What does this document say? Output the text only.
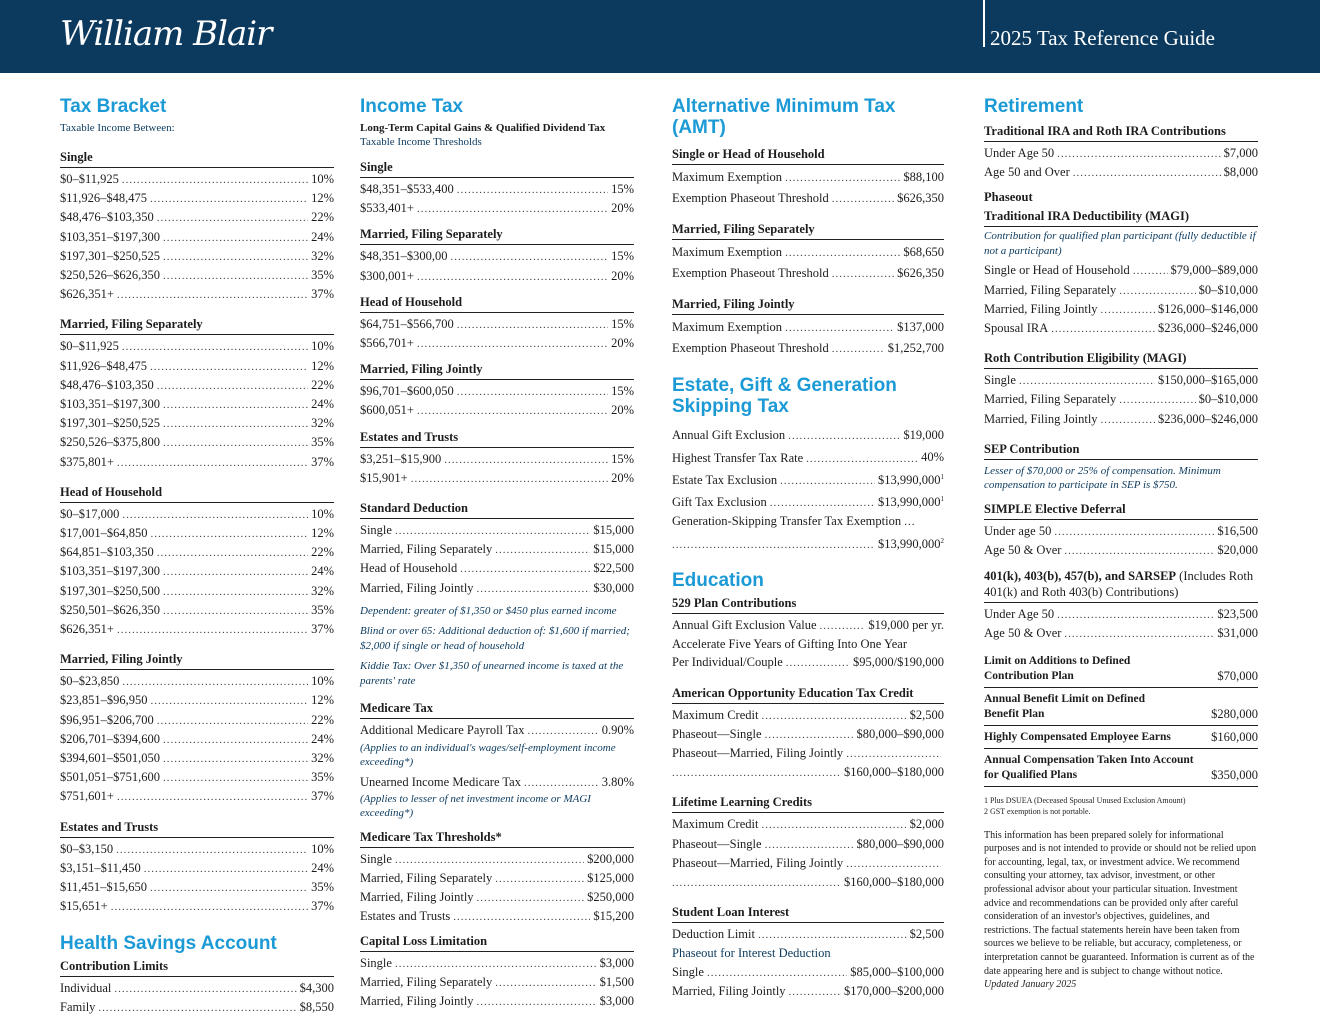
William Blair	2025 Tax Reference Guide
Tax Bracket
Taxable Income Between:
Single
$0–$11,925 .....	10%
$11,926–$48,475 .....	12%
$48,476–$103,350 .....	22%
$103,351–$197,300 .....	24%
$197,301–$250,525 .....	32%
$250,526–$626,350 .....	35%
$626,351+ .....	37%
Married, Filing Separately
$0–$11,925 .....	10%
$11,926–$48,475 .....	12%
$48,476–$103,350 .....	22%
$103,351–$197,300 .....	24%
$197,301–$250,525 .....	32%
$250,526–$375,800 .....	35%
$375,801+ .....	37%
Head of Household
$0–$17,000 .....	10%
$17,001–$64,850 .....	12%
$64,851–$103,350 .....	22%
$103,351–$197,300 .....	24%
$197,301–$250,500 .....	32%
$250,501–$626,350 .....	35%
$626,351+ .....	37%
Married, Filing Jointly
$0–$23,850 .....	10%
$23,851–$96,950 .....	12%
$96,951–$206,700 .....	22%
$206,701–$394,600 .....	24%
$394,601–$501,050 .....	32%
$501,051–$751,600 .....	35%
$751,601+ .....	37%
Estates and Trusts
$0–$3,150 .....	10%
$3,151–$11,450 .....	24%
$11,451–$15,650 .....	35%
$15,651+ .....	37%
Health Savings Account
Contribution Limits
Individual .....	$4,300
Family .....	$8,550
.....
Income Tax
Long-Term Capital Gains & Qualified Dividend Tax
Taxable Income Thresholds
Single
$48,351–$533,400 .....	15%
$533,401+ .....	20%
Married, Filing Separately
$48,351–$300,00 .....	15%
$300,001+ .....	20%
Head of Household
$64,751–$566,700 .....	15%
$566,701+ .....	20%
Married, Filing Jointly
$96,701–$600,050 .....	15%
$600,051+ .....	20%
Estates and Trusts
$3,251–$15,900 .....	15%
$15,901+ .....	20%
Standard Deduction
Single .....	$15,000
Married, Filing Separately .....	$15,000
Head of Household .....	$22,500
Married, Filing Jointly .....	$30,000
Dependent: greater of $1,350 or $450 plus earned income
Blind or over 65: Additional deduction of: $1,600 if married; $2,000 if single or head of household
Kiddie Tax: Over $1,350 of unearned income is taxed at the parents' rate
Medicare Tax
Additional Medicare Payroll Tax .....	0.90%
(Applies to an individual's wages/self-employment income exceeding*)
Unearned Income Medicare Tax .....	3.80%
(Applies to lesser of net investment income or MAGI exceeding*)
Medicare Tax Thresholds*
Single .....	$200,000
Married, Filing Separately .....	$125,000
Married, Filing Jointly .....	$250,000
Estates and Trusts .....	$15,200
Capital Loss Limitation
Single .....	$3,000
Married, Filing Separately .....	$1,500
Married, Filing Jointly .....	$3,000
Alternative Minimum Tax
(AMT)
Single or Head of Household
Maximum Exemption .....	$88,100
Exemption Phaseout Threshold .....	$626,350
Married, Filing Separately
Maximum Exemption .....	$68,650
Exemption Phaseout Threshold .....	$626,350
Married, Filing Jointly
Maximum Exemption .....	$137,000
Exemption Phaseout Threshold .....	$1,252,700
Estate, Gift & Generation
Skipping Tax
Annual Gift Exclusion .....	$19,000
Highest Transfer Tax Rate .....	40%
Estate Tax Exclusion .....	$13,990,000$^1$
Gift Tax Exclusion .....	$13,990,000$^1$
Generation-Skipping Transfer Tax Exemption ...
.....
$13,990,000$^2$
Education
529 Plan Contributions
Annual Gift Exclusion Value .....	$19,000 per yr.
Accelerate Five Years of Gifting Into One Year
Per Individual/Couple .....	$95,000/$190,000
American Opportunity Education Tax Credit
Maximum Credit .....	$2,500
Phaseout—Single .....	$80,000–$90,000
Phaseout—Married, Filing Jointly
.....
.....
$160,000–$180,000
Lifetime Learning Credits
Maximum Credit .....	$2,000
Phaseout—Single .....	$80,000–$90,000
Phaseout—Married, Filing Jointly
.....
.....
$160,000–$180,000
Student Loan Interest
Deduction Limit .....	$2,500
Phaseout for Interest Deduction
Single .....	$85,000–$100,000
Married, Filing Jointly .....	$170,000–$200,000
Retirement
Traditional IRA and Roth IRA Contributions
Under Age 50 .....	$7,000
Age 50 and Over .....	$8,000
Phaseout
Traditional IRA Deductibility (MAGI)
Contribution for qualified plan participant (fully deductible if not a participant)
Single or Head of Household .....	$79,000–$89,000
Married, Filing Separately .....	$0–$10,000
Married, Filing Jointly .....	$126,000–$146,000
Spousal IRA .....	$236,000–$246,000
Roth Contribution Eligibility (MAGI)
Single .....	$150,000–$165,000
Married, Filing Separately .....	$0–$10,000
Married, Filing Jointly .....	$236,000–$246,000
SEP Contribution
Lesser of $70,000 or 25% of compensation. Minimum compensation to participate in SEP is $750.
SIMPLE Elective Deferral
Under age 50 .....	$16,500
Age 50 & Over .....	$20,000
401(k), 403(b), 457(b), and SARSEP (Includes Roth 401(k) and Roth 403(b) Contributions)
Under Age 50 .....	$23,500
Age 50 & Over .....	$31,000
Limit on Additions to Defined
Contribution Plan	$70,000
Annual Benefit Limit on Defined
Benefit Plan	$280,000
Highly Compensated Employee Earns	$160,000
Annual Compensation Taken Into Account
for Qualified Plans	$350,000
1 Plus DSUEA (Deceased Spousal Unused Exclusion Amount)
2 GST exemption is not portable.
This information has been prepared solely for informational purposes and is not intended to provide or should not be relied upon for accounting, legal, tax, or investment advice. We recommend consulting your attorney, tax advisor, investment, or other professional advisor about your particular situation. Investment advice and recommendations can be provided only after careful consideration of an investor's objectives, guidelines, and restrictions. The factual statements herein have been taken from sources we believe to be reliable, but accuracy, completeness, or interpretation cannot be guaranteed. Information is current as of the date appearing here and is subject to change without notice.
Updated January 2025
